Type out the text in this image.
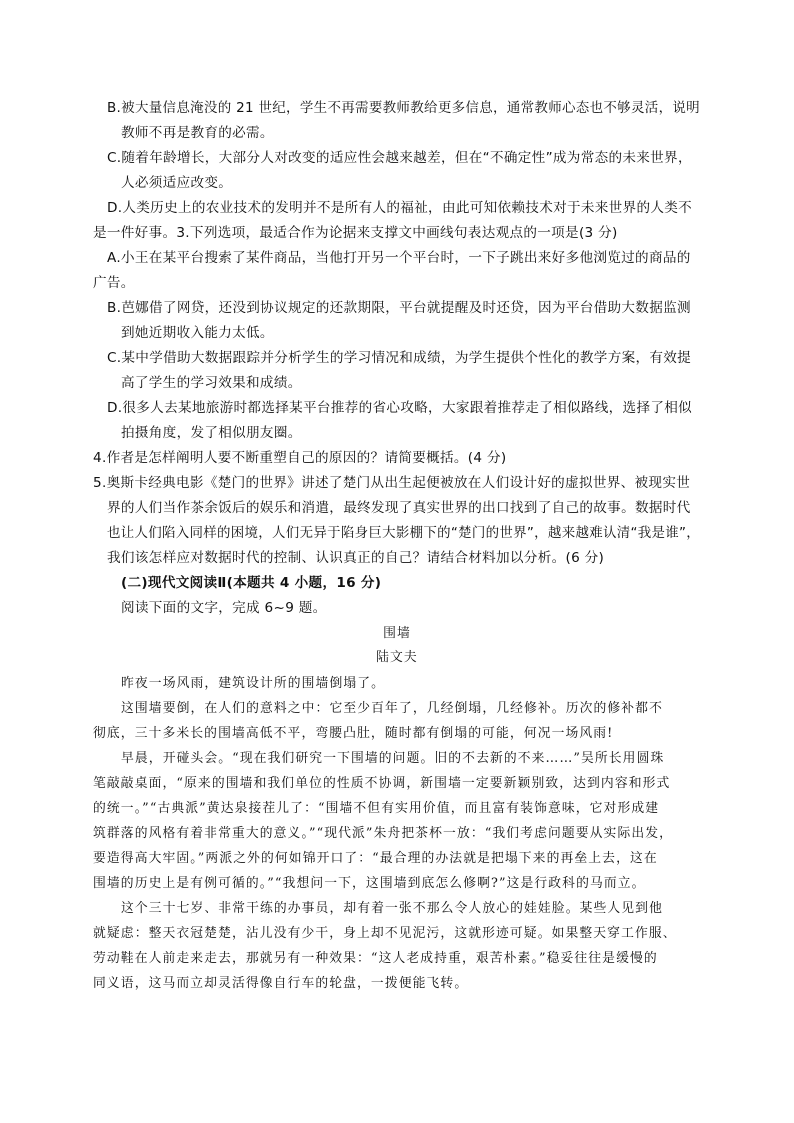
B.被大量信息淹没的 21 世纪，学生不再需要教师教给更多信息，通常教师心态也不够灵活，说明
教师不再是教育的必需。
C.随着年龄增长，大部分人对改变的适应性会越来越差，但在“不确定性”成为常态的未来世界，
人必须适应改变。
D.人类历史上的农业技术的发明并不是所有人的福祉，由此可知依赖技术对于未来世界的人类不
是一件好事。3.下列选项，最适合作为论据来支撑文中画线句表达观点的一项是(3 分)
A.小王在某平台搜索了某件商品，当他打开另一个平台时，一下子跳出来好多他浏览过的商品的
广告。
B.芭娜借了网贷，还没到协议规定的还款期限，平台就提醒及时还贷，因为平台借助大数据监测
到她近期收入能力太低。
C.某中学借助大数据跟踪并分析学生的学习情况和成绩，为学生提供个性化的教学方案，有效提
高了学生的学习效果和成绩。
D.很多人去某地旅游时都选择某平台推荐的省心攻略，大家跟着推荐走了相似路线，选择了相似
拍摄角度，发了相似朋友圈。
4.作者是怎样阐明人要不断重塑自己的原因的？请简要概括。(4 分)
5.奥斯卡经典电影《楚门的世界》讲述了楚门从出生起便被放在人们设计好的虚拟世界、被现实世
界的人们当作茶余饭后的娱乐和消遣，最终发现了真实世界的出口找到了自己的故事。数据时代
也让人们陷入同样的困境，人们无异于陷身巨大影棚下的“楚门的世界”，越来越难认清“我是谁”，
我们该怎样应对数据时代的控制、认识真正的自己？请结合材料加以分析。(6 分)
(二)现代文阅读Ⅱ(本题共 4 小题，16 分)
阅读下面的文字，完成 6~9 题。
围墙
陆文夫
昨夜一场风雨，建筑设计所的围墙倒塌了。
这围墙要倒，在人们的意料之中：它至少百年了，几经倒塌，几经修补。历次的修补都不
彻底，三十多米长的围墙高低不平，弯腰凸肚，随时都有倒塌的可能，何况一场风雨!
早晨，开碰头会。“现在我们研究一下围墙的问题。旧的不去新的不来……”吴所长用圆珠
笔敲敲桌面，“原来的围墙和我们单位的性质不协调，新围墙一定要新颖别致，达到内容和形式
的统一。”“古典派”黄达泉接茬儿了：“围墙不但有实用价值，而且富有装饰意味，它对形成建
筑群落的风格有着非常重大的意义。”“现代派”朱舟把茶杯一放：“我们考虑问题要从实际出发，
要造得高大牢固。”两派之外的何如锦开口了：“最合理的办法就是把塌下来的再垒上去，这在
围墙的历史上是有例可循的。”“我想问一下，这围墙到底怎么修啊?”这是行政科的马而立。
这个三十七岁、非常干练的办事员，却有着一张不那么令人放心的娃娃脸。某些人见到他
就疑虑：整天衣冠楚楚，沾儿没有少干，身上却不见泥污，这就形迹可疑。如果整天穿工作服、
劳动鞋在人前走来走去，那就另有一种效果：“这人老成持重，艰苦朴素。”稳妥往往是缓慢的
同义语，这马而立却灵活得像自行车的轮盘，一拨便能飞转。
